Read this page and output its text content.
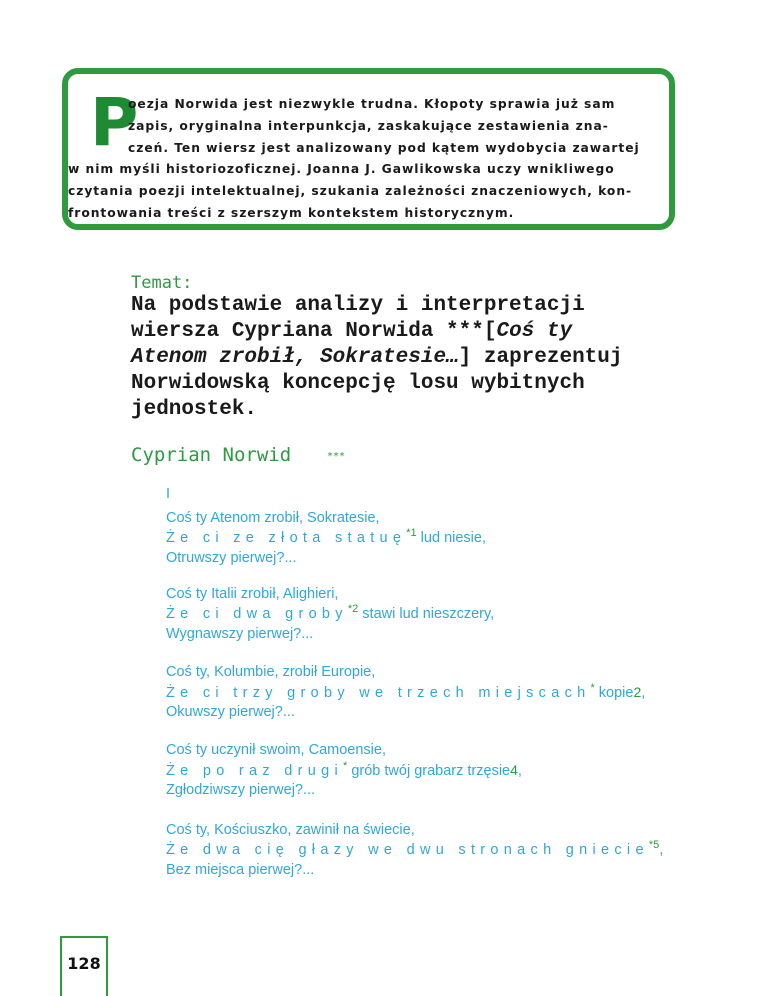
P
oezja Norwida jest niezwykle trudna. Kłopoty sprawia już sam
zapis, oryginalna interpunkcja, zaskakujące zestawienia zna-
czeń. Ten wiersz jest analizowany pod kątem wydobycia zawartej
w nim myśli historiozoficznej. Joanna J. Gawlikowska uczy wnikliwego
czytania poezji intelektualnej, szukania zależności znaczeniowych, kon-
frontowania treści z szerszym kontekstem historycznym.
Temat:
Na podstawie analizy i interpretacji
wiersza Cypriana Norwida ***[Coś ty
Atenom zrobił, Sokratesie…] zaprezentuj
Norwidowską koncepcję losu wybitnych
jednostek.
Cyprian Norwid	***
I
Coś ty Atenom zrobił, Sokratesie,
Że ci ze złota statuę$^{*1}$ lud niesie,
Otruwszy pierwej?...
Coś ty Italii zrobił, Alighieri,
Że ci dwa groby$^{*2}$ stawi lud nieszczery,
Wygnawszy pierwej?...
Coś ty, Kolumbie, zrobił Europie,
Że ci trzy groby we trzech miejscach* kopie2,
Okuwszy pierwej?...
Coś ty uczynił swoim, Camoensie,
Że po raz drugi* grób twój grabarz trzęsie4,
Zgłodziwszy pierwej?...
Coś ty, Kościuszko, zawinił na świecie,
Że dwa cię głazy we dwu stronach gniecie$^{*5}$,
Bez miejsca pierwej?...
128
